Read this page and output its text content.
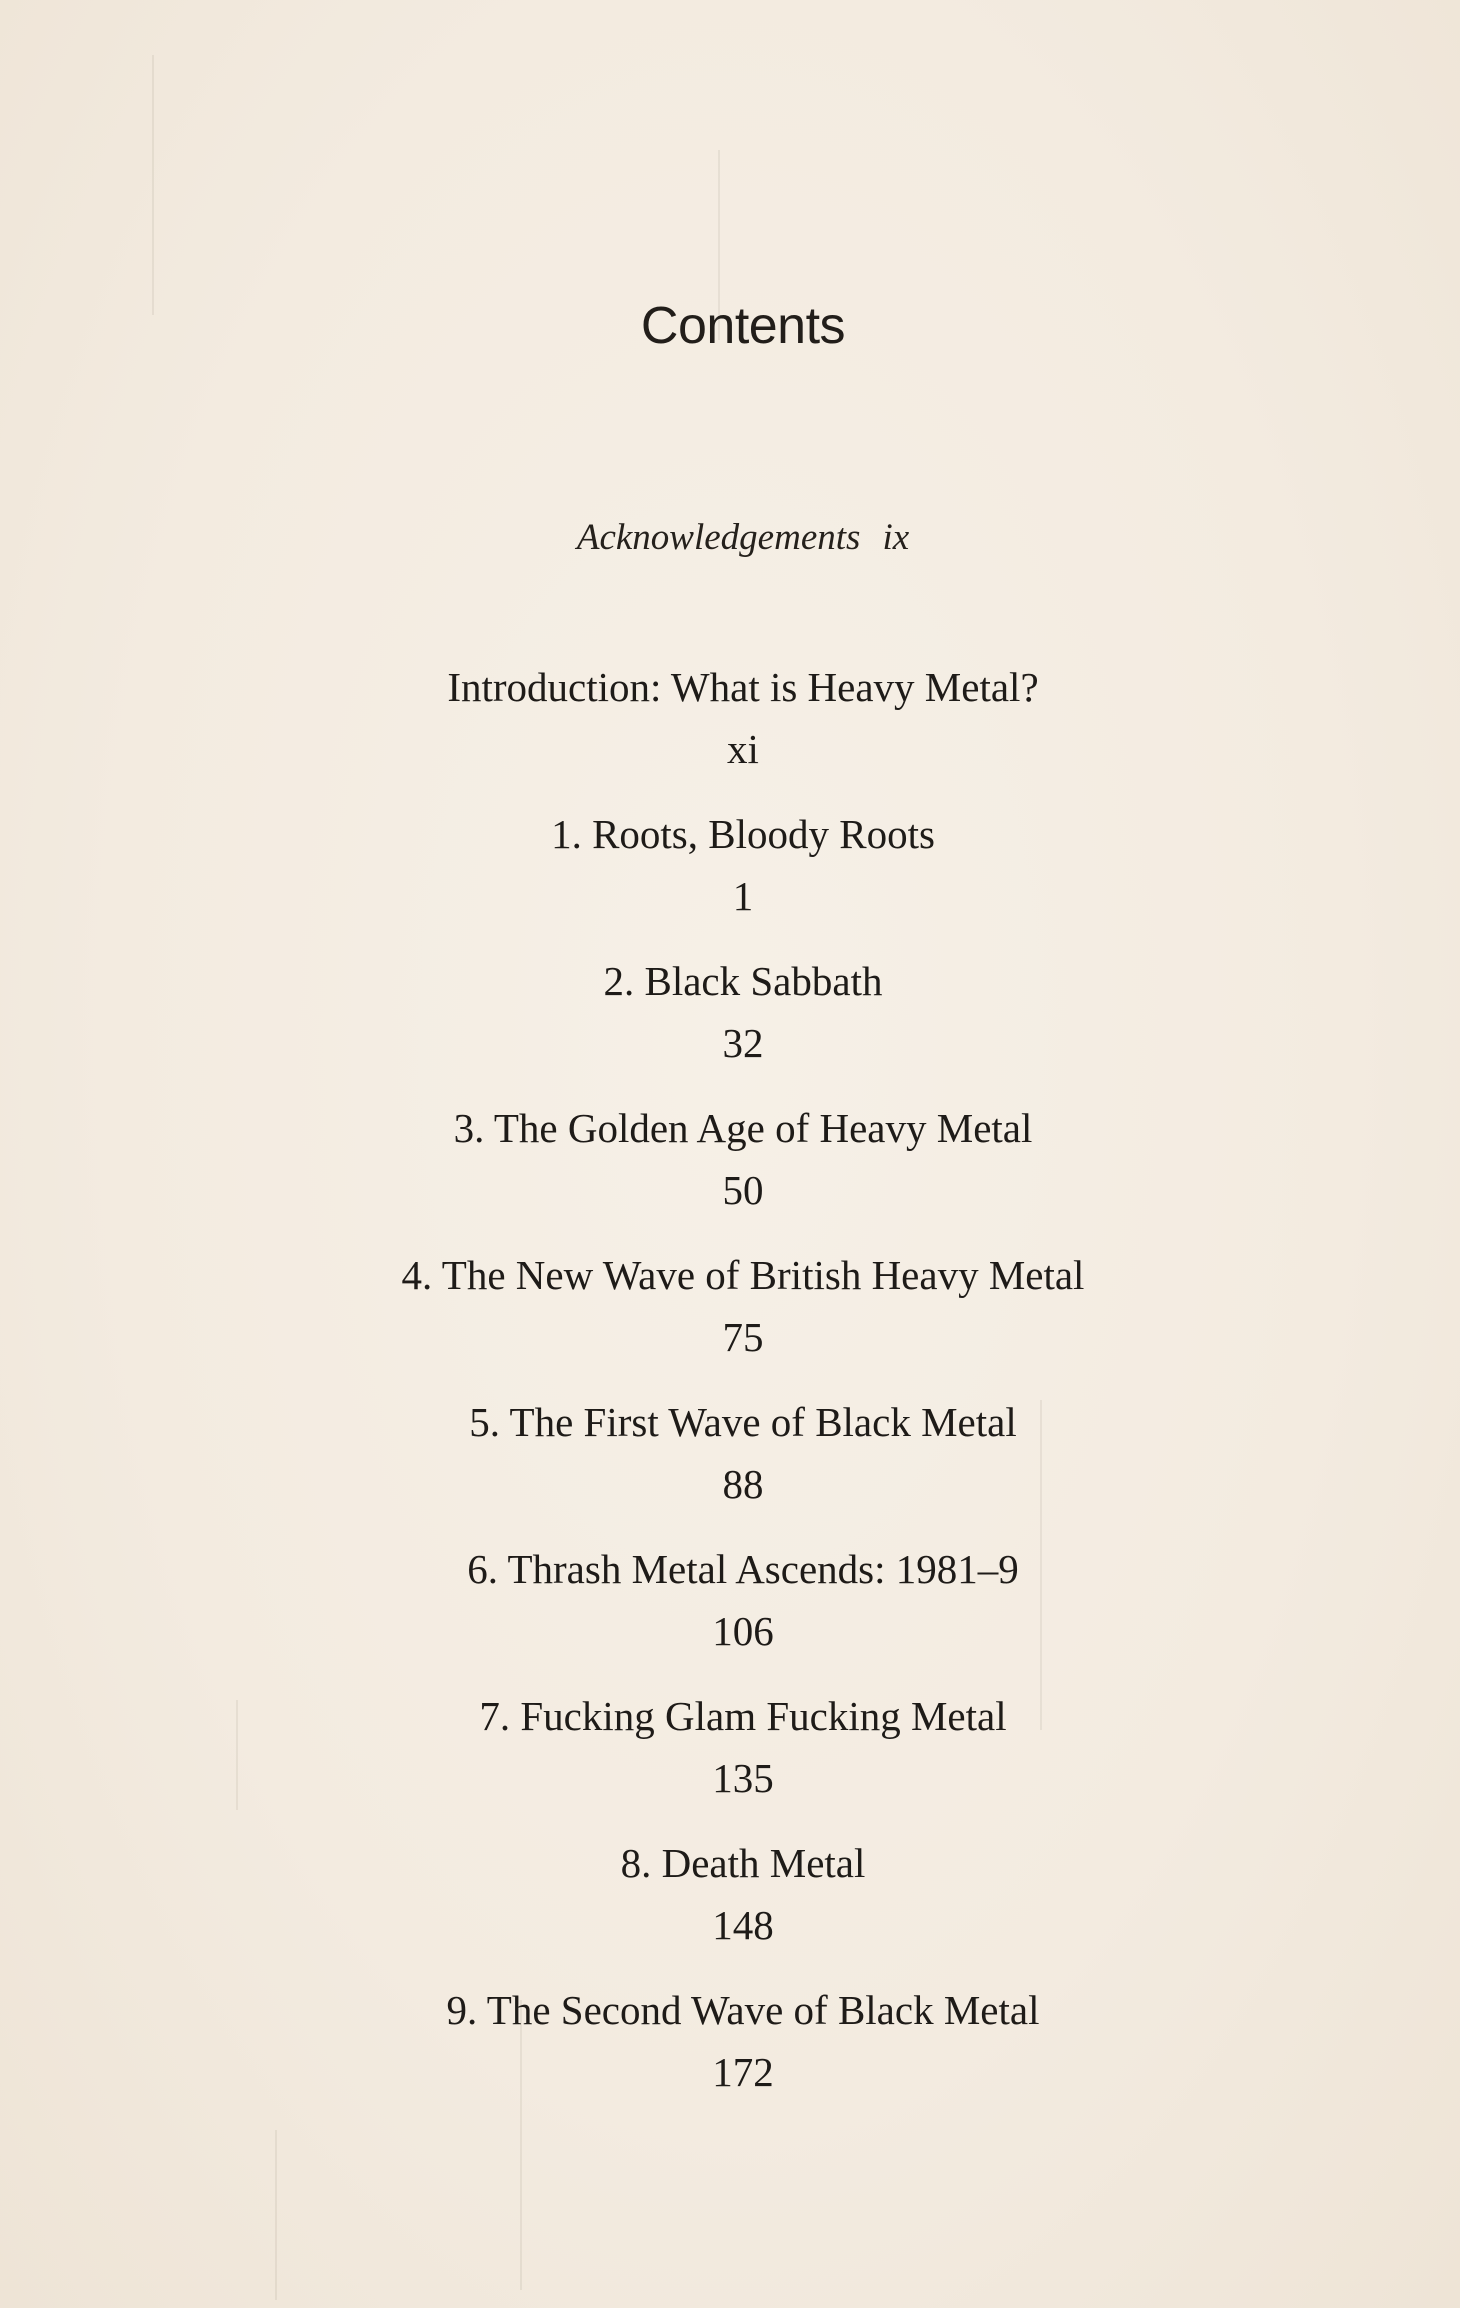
Contents
Acknowledgements ix
Introduction: What is Heavy Metal?
xi
1. Roots, Bloody Roots
1
2. Black Sabbath
32
3. The Golden Age of Heavy Metal
50
4. The New Wave of British Heavy Metal
75
5. The First Wave of Black Metal
88
6. Thrash Metal Ascends: 1981–9
106
7. Fucking Glam Fucking Metal
135
8. Death Metal
148
9. The Second Wave of Black Metal
172
